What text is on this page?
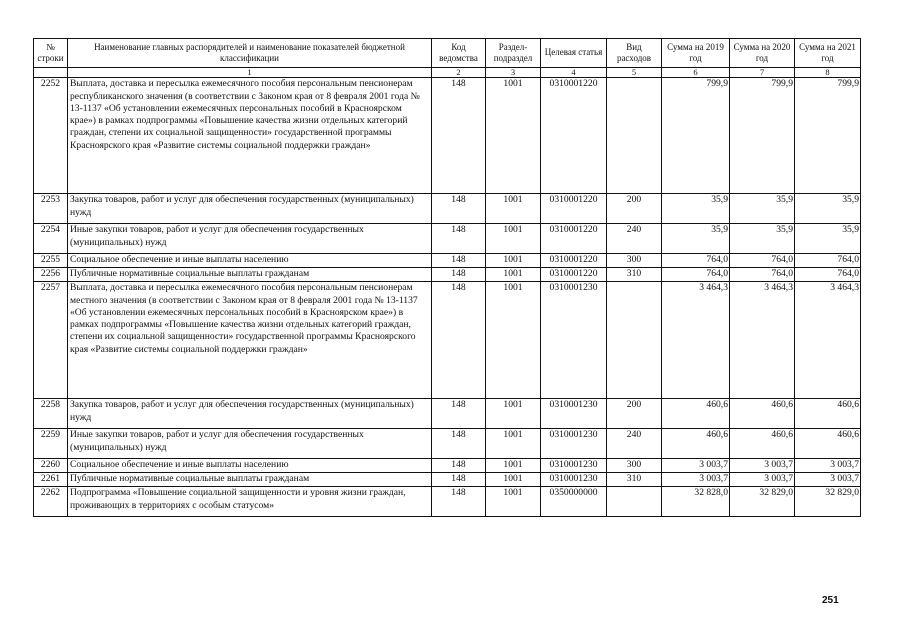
№ строки	Наименование главных распорядителей и наименование показателей бюджетной классификации	Код ведомства	Раздел-подраздел	Целевая статья	Вид расходов	Сумма на 2019 год	Сумма на 2020 год	Сумма на 2021 год
	1	2	3	4	5	6	7	8
2252	Выплата, доставка и пересылка ежемесячного пособия персональным пенсионерам республиканского значения (в соответствии с Законом края от 8 февраля 2001 года № 13-1137 «Об установлении ежемесячных персональных пособий в Красноярском крае») в рамках подпрограммы «Повышение качества жизни отдельных категорий граждан, степени их социальной защищенности» государственной программы Красноярского края «Развитие системы социальной поддержки граждан»	148	1001	0310001220		799,9	799,9	799,9
2253	Закупка товаров, работ и услуг для обеспечения государственных (муниципальных) нужд	148	1001	0310001220	200	35,9	35,9	35,9
2254	Иные закупки товаров, работ и услуг для обеспечения государственных (муниципальных) нужд	148	1001	0310001220	240	35,9	35,9	35,9
2255	Социальное обеспечение и иные выплаты населению	148	1001	0310001220	300	764,0	764,0	764,0
2256	Публичные нормативные социальные выплаты гражданам	148	1001	0310001220	310	764,0	764,0	764,0
2257	Выплата, доставка и пересылка ежемесячного пособия персональным пенсионерам местного значения (в соответствии с Законом края от 8 февраля 2001 года № 13-1137 «Об установлении ежемесячных персональных пособий в Красноярском крае») в рамках подпрограммы «Повышение качества жизни отдельных категорий граждан, степени их социальной защищенности» государственной программы Красноярского края «Развитие системы социальной поддержки граждан»	148	1001	0310001230		3 464,3	3 464,3	3 464,3
2258	Закупка товаров, работ и услуг для обеспечения государственных (муниципальных) нужд	148	1001	0310001230	200	460,6	460,6	460,6
2259	Иные закупки товаров, работ и услуг для обеспечения государственных (муниципальных) нужд	148	1001	0310001230	240	460,6	460,6	460,6
2260	Социальное обеспечение и иные выплаты населению	148	1001	0310001230	300	3 003,7	3 003,7	3 003,7
2261	Публичные нормативные социальные выплаты гражданам	148	1001	0310001230	310	3 003,7	3 003,7	3 003,7
2262	Подпрограмма «Повышение социальной защищенности и уровня жизни граждан, проживающих в территориях с особым статусом»	148	1001	0350000000		32 828,0	32 829,0	32 829,0
251
